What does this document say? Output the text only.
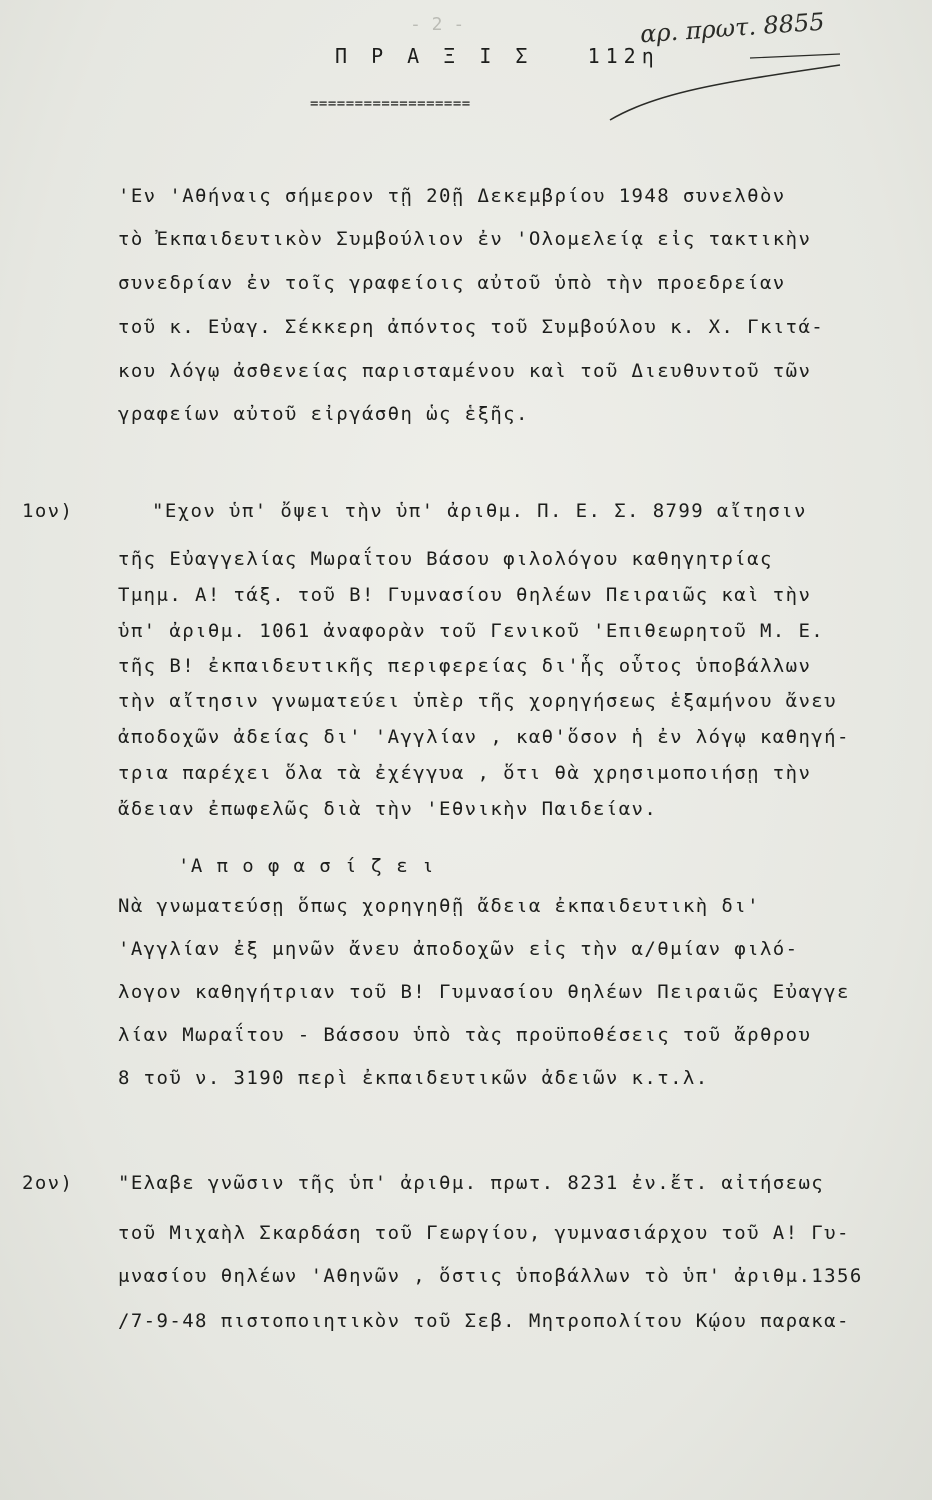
- 2 -	αρ. πρωτ. 8855
Π Ρ Α Ξ Ι Σ   112η
==================
'Εν 'Αθήναις σήμερον τῇ 20ῇ Δεκεμβρίου 1948 συνελθὸν
τὸ Ἐκπαιδευτικὸν Συμβούλιον ἐν 'Ολομελείᾳ εἰς τακτικὴν
συνεδρίαν ἐν τοῖς γραφείοις αὐτοῦ ὑπὸ τὴν προεδρείαν
τοῦ κ. Εὐαγ. Σέκκερη ἀπόντος τοῦ Συμβούλου κ. Χ. Γκιτά-
κου λόγῳ ἀσθενείας παρισταμένου καὶ τοῦ Διευθυντοῦ τῶν
γραφείων αὐτοῦ εἰργάσθη ὡς ἑξῆς.
1ον)	"Εχον ὑπ' ὄψει τὴν ὑπ' ἀριθμ. Π. Ε. Σ. 8799 αἴτησιν
τῆς Εὐαγγελίας Μωραΐτου Βάσου φιλολόγου καθηγητρίας
Τμημ. Α! τάξ. τοῦ Β! Γυμνασίου θηλέων Πειραιῶς καὶ τὴν
ὑπ' ἀριθμ. 1061 ἀναφορὰν τοῦ Γενικοῦ 'Επιθεωρητοῦ Μ. Ε.
τῆς Β! ἐκπαιδευτικῆς περιφερείας δι'ἧς οὗτος ὑποβάλλων
τὴν αἴτησιν γνωματεύει ὑπὲρ τῆς χορηγήσεως ἑξαμήνου ἄνευ
ἀποδοχῶν ἀδείας δι' 'Αγγλίαν , καθ'ὅσον ἡ ἐν λόγῳ καθηγή-
τρια παρέχει ὅλα τὰ ἐχέγγυα , ὅτι θὰ χρησιμοποιήσῃ τὴν
ἄδειαν ἐπωφελῶς διὰ τὴν 'Εθνικὴν Παιδείαν.
'Α π ο φ α σ ί ζ ε ι
Νὰ γνωματεύσῃ ὅπως χορηγηθῇ ἄδεια ἐκπαιδευτικὴ δι'
'Αγγλίαν ἐξ μηνῶν ἄνευ ἀποδοχῶν εἰς τὴν α/θμίαν φιλό-
λογον καθηγήτριαν τοῦ Β! Γυμνασίου θηλέων Πειραιῶς Εὐαγγε
λίαν Μωραΐτου - Βάσσου ὑπὸ τὰς προϋποθέσεις τοῦ ἄρθρου
8 τοῦ ν. 3190 περὶ ἐκπαιδευτικῶν ἀδειῶν κ.τ.λ.
2ον) "Ελαβε γνῶσιν τῆς ὑπ' ἀριθμ. πρωτ. 8231 ἐν.ἔτ. αἰτήσεως
τοῦ Μιχαὴλ Σκαρδάση τοῦ Γεωργίου, γυμνασιάρχου τοῦ Α! Γυ-
μνασίου θηλέων 'Αθηνῶν , ὅστις ὑποβάλλων τὸ ὑπ' ἀριθμ.1356
/7-9-48 πιστοποιητικὸν τοῦ Σεβ. Μητροπολίτου Κῴου παρακα-
